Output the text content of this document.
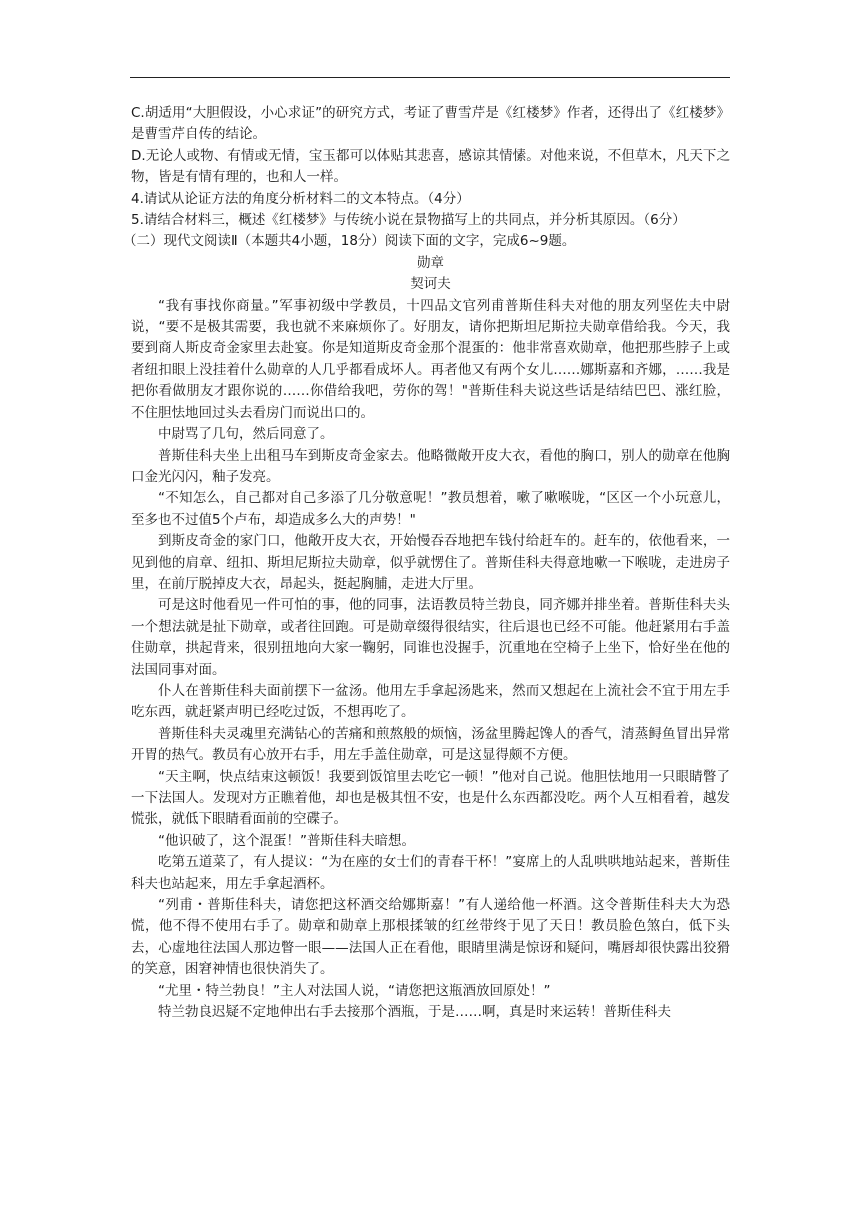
C.胡适用“大胆假设，小心求证”的研究方式，考证了曹雪芹是《红楼梦》作者，还得出了《红楼梦》是曹雪芹自传的结论。

D.无论人或物、有情或无情，宝玉都可以体贴其悲喜，感谅其情愫。对他来说，不但草木，凡天下之物，皆是有情有理的，也和人一样。

4.请试从论证方法的角度分析材料二的文本特点。（4分）

5.请结合材料三，概述《红楼梦》与传统小说在景物描写上的共同点，并分析其原因。（6分）

（二）现代文阅读Ⅱ（本题共4小题，18分）阅读下面的文字，完成6~9题。

勋章

契诃夫

“我有事找你商量。”军事初级中学教员，十四品文官列甫普斯佳科夫对他的朋友列坚佐夫中尉说，“要不是极其需要，我也就不来麻烦你了。好朋友，请你把斯坦尼斯拉夫勋章借给我。今天，我要到商人斯皮奇金家里去赴宴。你是知道斯皮奇金那个混蛋的：他非常喜欢勋章，他把那些脖子上或者纽扣眼上没挂着什么勋章的人几乎都看成坏人。再者他又有两个女儿……娜斯嘉和齐娜，……我是把你看做朋友才跟你说的……你借给我吧，劳你的驾！"普斯佳科夫说这些话是结结巴巴、涨红脸，不住胆怯地回过头去看房门而说出口的。

中尉骂了几句，然后同意了。

普斯佳科夫坐上出租马车到斯皮奇金家去。他略微敞开皮大衣，看他的胸口，别人的勋章在他胸口金光闪闪，釉子发亮。

“不知怎么，自己都对自己多添了几分敬意呢！”教员想着，嗽了嗽喉咙，“区区一个小玩意儿，至多也不过值5个卢布，却造成多么大的声势！"

到斯皮奇金的家门口，他敞开皮大衣，开始慢吞吞地把车钱付给赶车的。赶车的，依他看来，一见到他的肩章、纽扣、斯坦尼斯拉夫勋章，似乎就愣住了。普斯佳科夫得意地嗽一下喉咙，走进房子里，在前厅脱掉皮大衣，昂起头，挺起胸脯，走进大厅里。

可是这时他看见一件可怕的事，他的同事，法语教员特兰勃良，同齐娜并排坐着。普斯佳科夫头一个想法就是扯下勋章，或者往回跑。可是勋章缀得很结实，往后退也已经不可能。他赶紧用右手盖住勋章，拱起背来，很别扭地向大家一鞠躬，同谁也没握手，沉重地在空椅子上坐下，恰好坐在他的法国同事对面。

仆人在普斯佳科夫面前摆下一盆汤。他用左手拿起汤匙来，然而又想起在上流社会不宜于用左手吃东西，就赶紧声明已经吃过饭，不想再吃了。

普斯佳科夫灵魂里充满钻心的苦痛和煎熬般的烦恼，汤盆里腾起馋人的香气，清蒸鲟鱼冒出异常开胃的热气。教员有心放开右手，用左手盖住勋章，可是这显得颇不方便。

“天主啊，快点结束这顿饭！我要到饭馆里去吃它一顿！”他对自己说。他胆怯地用一只眼睛瞥了一下法国人。发现对方正瞧着他，却也是极其忸不安，也是什么东西都没吃。两个人互相看着，越发慌张，就低下眼睛看面前的空碟子。

“他识破了，这个混蛋！”普斯佳科夫暗想。

吃第五道菜了，有人提议：“为在座的女士们的青春干杯！”宴席上的人乱哄哄地站起来，普斯佳科夫也站起来，用左手拿起酒杯。

“列甫・普斯佳科夫，请您把这杯酒交给娜斯嘉！”有人递给他一杯酒。这令普斯佳科夫大为恐慌，他不得不使用右手了。勋章和勋章上那根揉皱的红丝带终于见了天日！教员脸色煞白，低下头去，心虚地往法国人那边瞥一眼——法国人正在看他，眼睛里满是惊讶和疑问，嘴唇却很快露出狡猾的笑意，困窘神情也很快消失了。

“尤里・特兰勃良！”主人对法国人说，“请您把这瓶酒放回原处！”

特兰勃良迟疑不定地伸出右手去接那个酒瓶，于是……啊，真是时来运转！普斯佳科夫
